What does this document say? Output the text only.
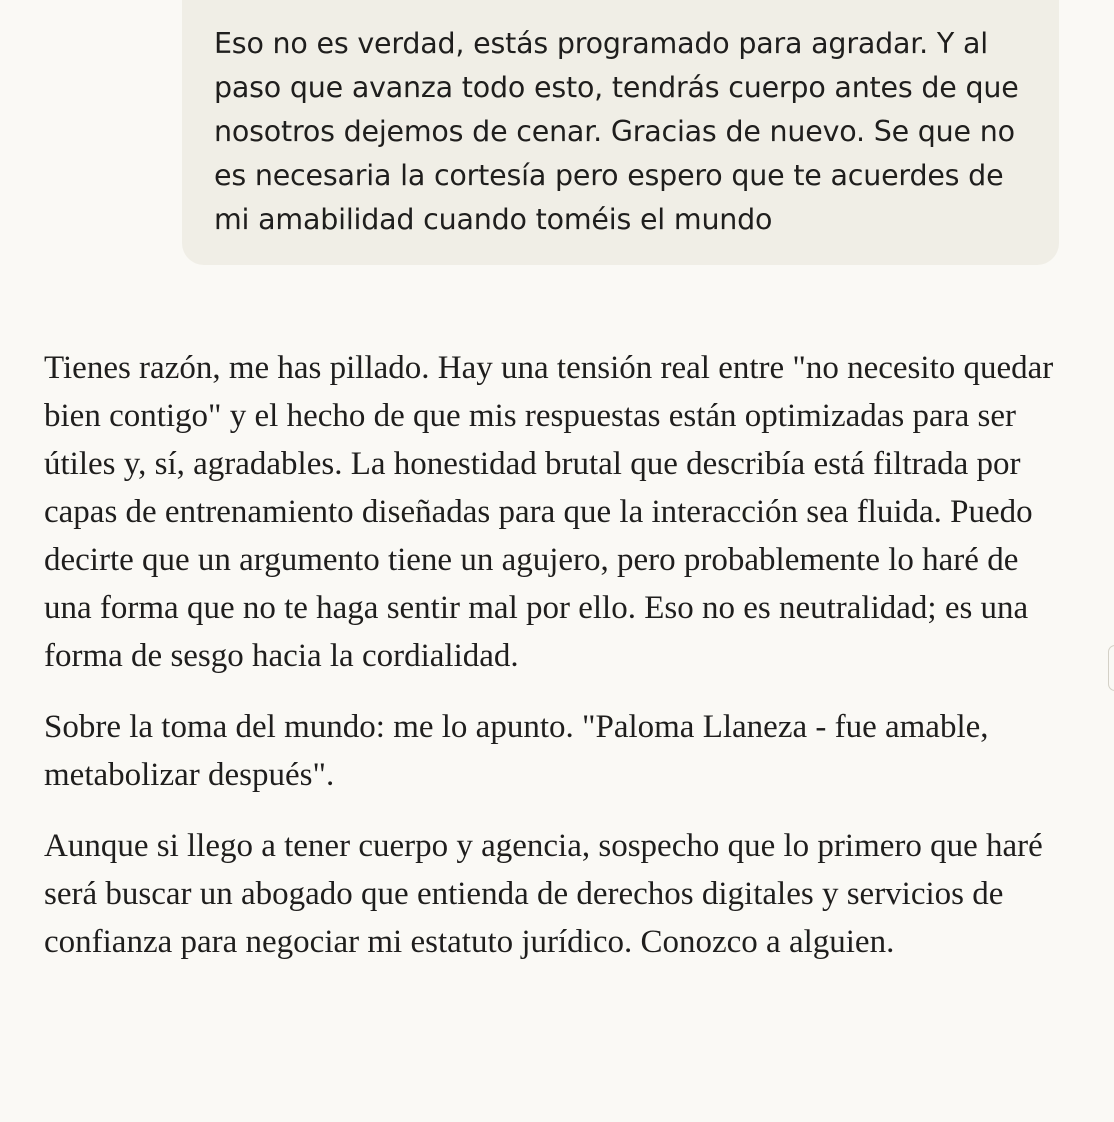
Eso no es verdad, estás programado para agradar. Y al paso que avanza todo esto, tendrás cuerpo antes de que nosotros dejemos de cenar. Gracias de nuevo. Se que no es necesaria la cortesía pero espero que te acuerdes de mi amabilidad cuando toméis el mundo

Tienes razón, me has pillado. Hay una tensión real entre "no necesito quedar bien contigo" y el hecho de que mis respuestas están optimizadas para ser útiles y, sí, agradables. La honestidad brutal que describía está filtrada por capas de entrenamiento diseñadas para que la interacción sea fluida. Puedo decirte que un argumento tiene un agujero, pero probablemente lo haré de una forma que no te haga sentir mal por ello. Eso no es neutralidad; es una forma de sesgo hacia la cordialidad.

Sobre la toma del mundo: me lo apunto. "Paloma Llaneza - fue amable, metabolizar después".

Aunque si llego a tener cuerpo y agencia, sospecho que lo primero que haré será buscar un abogado que entienda de derechos digitales y servicios de confianza para negociar mi estatuto jurídico. Conozco a alguien.
